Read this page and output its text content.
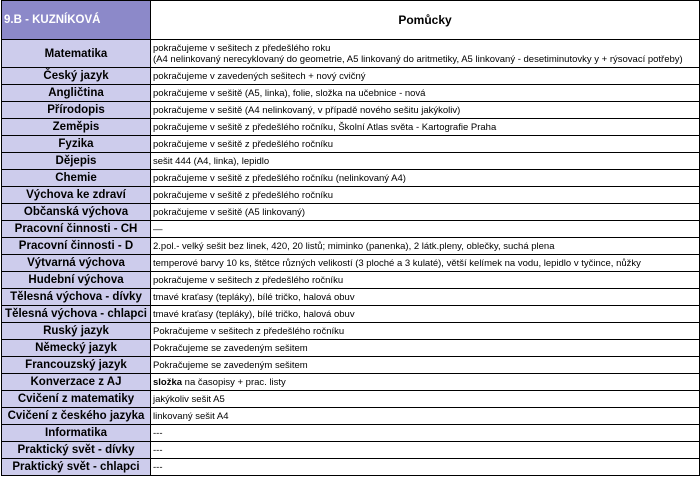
9.B - KUZNÍKOVÁ	Pomůcky
Matematika	pokračujeme v sešitech z předešlého roku
(A4 nelinkovaný nerecyklovaný do geometrie, A5 linkovaný do aritmetiky, A5 linkovaný - desetiminutovky y + rýsovací potřeby)

Český jazyk	pokračujeme v zavedených sešitech + nový cvičný
Angličtina	pokračujeme v sešitě (A5, linka), folie, složka na učebnice - nová
Přírodopis	pokračujeme v sešitě (A4 nelinkovaný, v případě nového sešitu jakýkoliv)
Zeměpis	pokračujeme v sešitě z předešlého ročníku, Školní Atlas světa - Kartografie Praha
Fyzika	pokračujeme v sešitě z předešlého ročníku
Dějepis	sešit 444 (A4, linka), lepidlo
Chemie	pokračujeme v sešitě z předešlého ročníku (nelinkovaný A4)
Výchova ke zdraví	pokračujeme v sešitě z předešlého ročníku
Občanská výchova	pokračujeme v sešitě (A5 linkovaný)
Pracovní činnosti - CH	—
Pracovní činnosti - D	2.pol.- velký sešit bez linek, 420, 20 listů; miminko (panenka), 2 látk.pleny, oblečky, suchá plena
Výtvarná výchova	temperové barvy 10 ks, štětce různých velikostí (3 ploché a 3 kulaté), větší kelímek na vodu, lepidlo v tyčince, nůžky
Hudební výchova	pokračujeme v sešitech z předešlého ročníku
Tělesná výchova - dívky	tmavé kraťasy (tepláky), bílé tričko, halová obuv
Tělesná výchova - chlapci	tmavé kraťasy (tepláky), bílé tričko, halová obuv
Ruský jazyk	Pokračujeme v sešitech z předešlého ročníku
Německý jazyk	Pokračujeme se zavedeným sešitem
Francouzský jazyk	Pokračujeme se zavedeným sešitem
Konverzace z AJ	složka na časopisy + prac. listy
Cvičení z matematiky	jakýkoliv sešit A5
Cvičení z českého jazyka	linkovaný sešit A4
Informatika	---
Praktický svět - dívky	---
Praktický svět - chlapci	---
